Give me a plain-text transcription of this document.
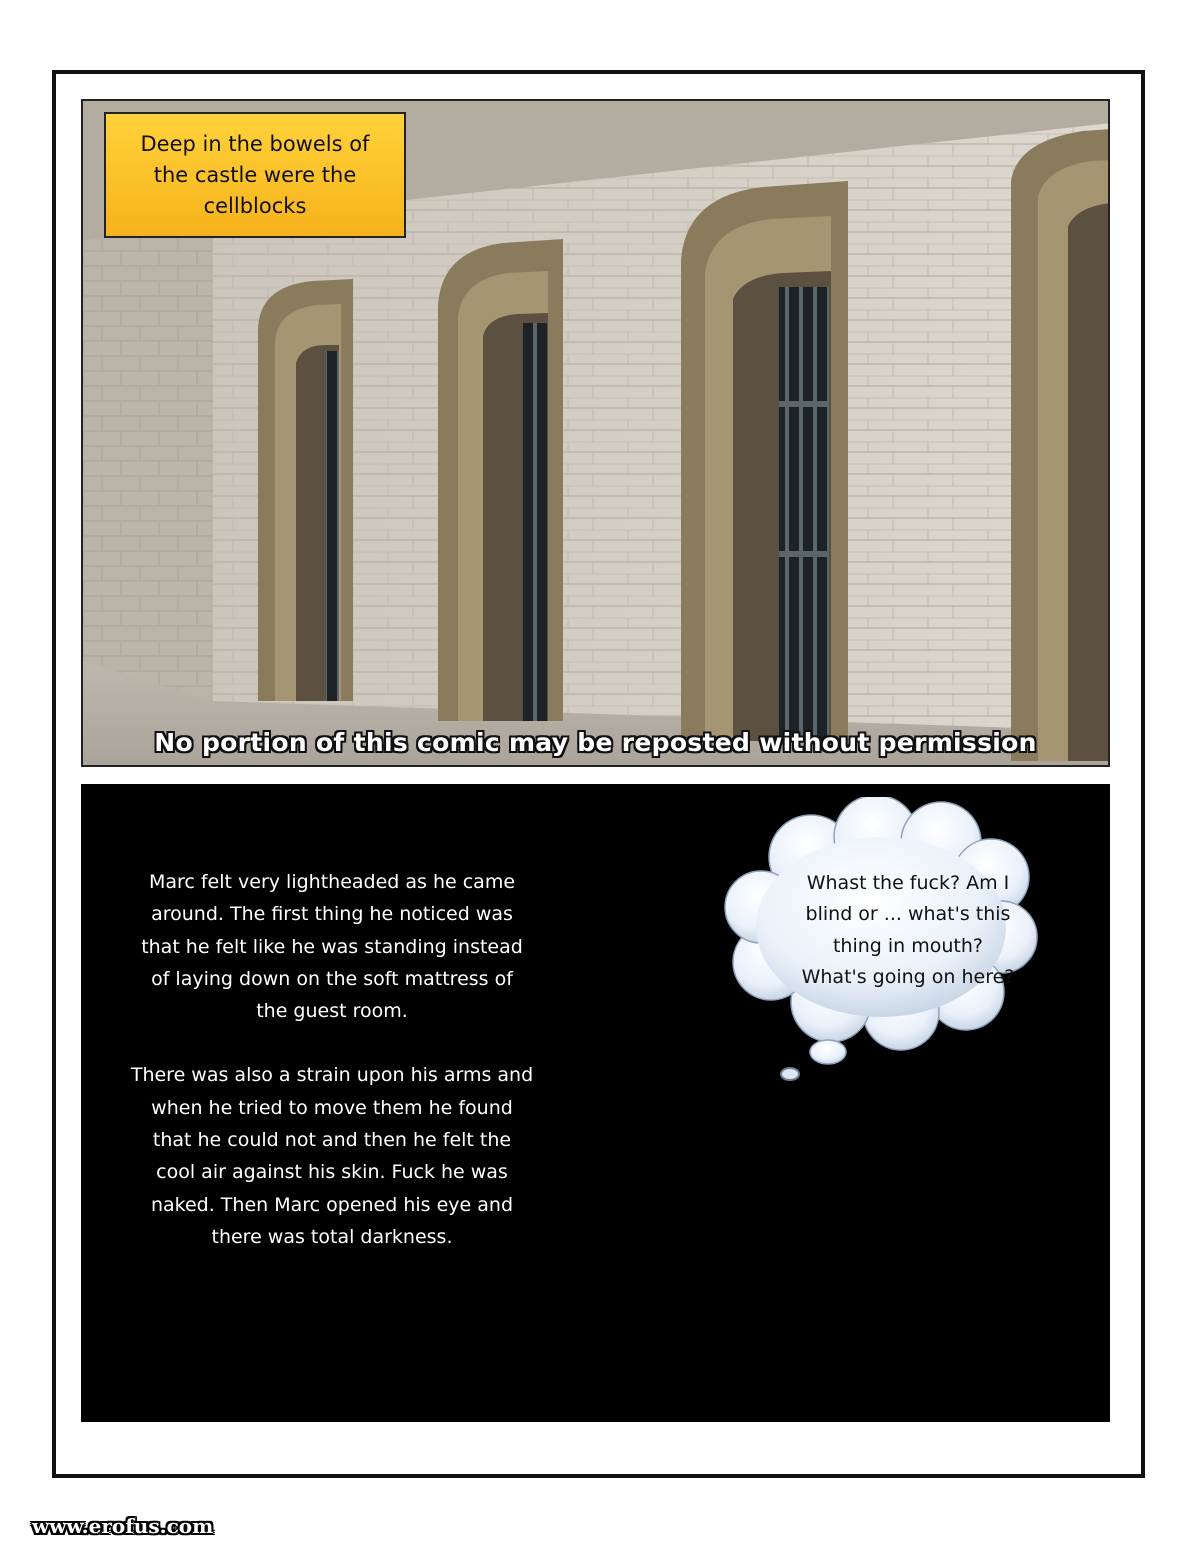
Deep in the bowels of
the castle were the
cellblocks
No portion of this comic may be reposted without permission

Marc felt very lightheaded as he came
around. The first thing he noticed was
that he felt like he was standing instead
of laying down on the soft mattress of
the guest room.

There was also a strain upon his arms and
when he tried to move them he found
that he could not and then he felt the
cool air against his skin. Fuck he was
naked. Then Marc opened his eye and
there was total darkness.

Whast the fuck? Am I
blind or ... what's this
thing in mouth?
What's going on here?
www.erofus.com
